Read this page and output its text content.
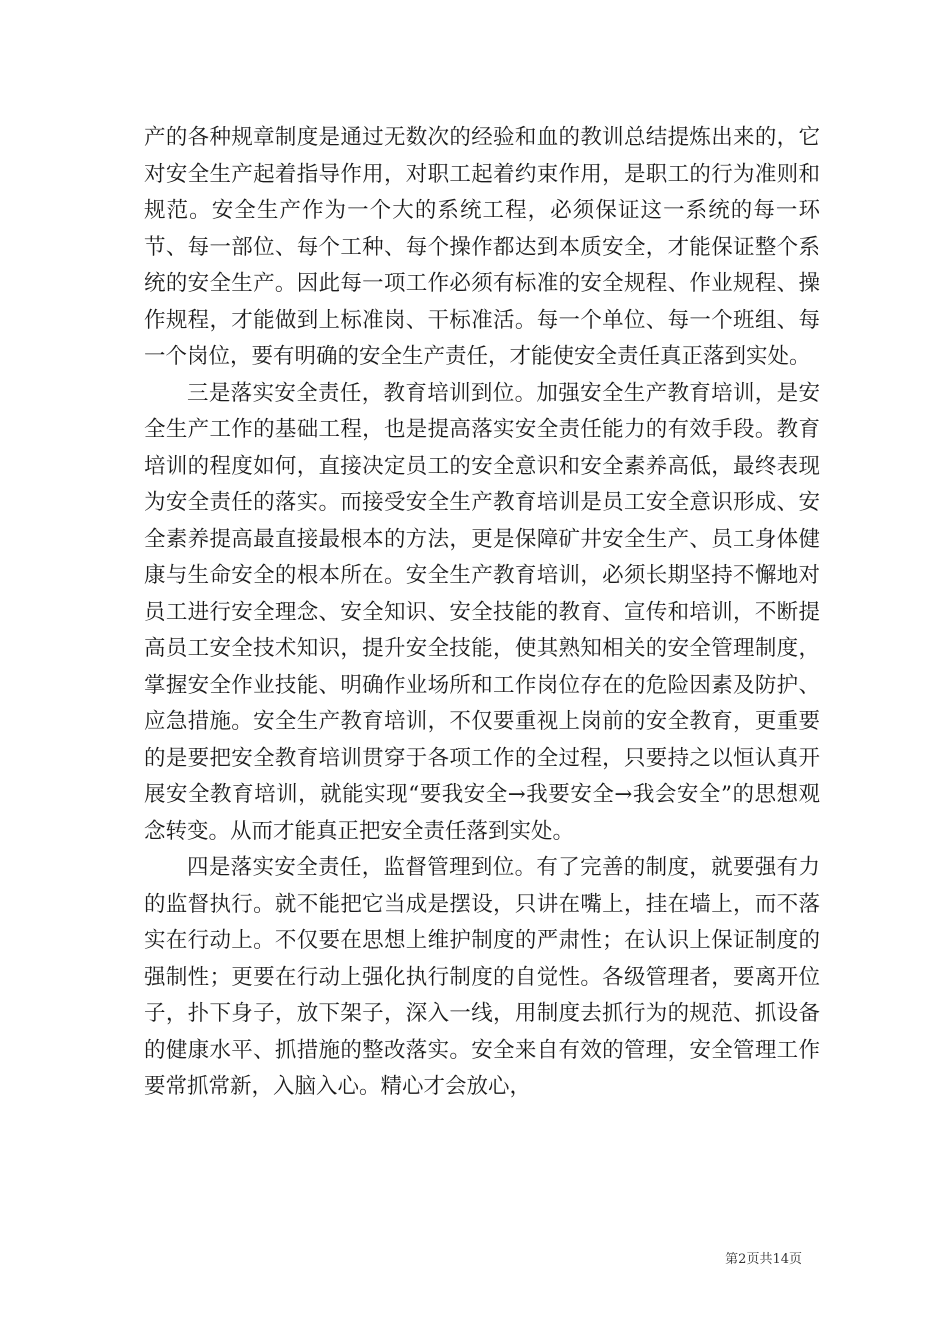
产的各种规章制度是通过无数次的经验和血的教训总结提炼出来的，它对安全生产起着指导作用，对职工起着约束作用，是职工的行为准则和规范。安全生产作为一个大的系统工程，必须保证这一系统的每一环节、每一部位、每个工种、每个操作都达到本质安全，才能保证整个系统的安全生产。因此每一项工作必须有标准的安全规程、作业规程、操作规程，才能做到上标准岗、干标准活。每一个单位、每一个班组、每一个岗位，要有明确的安全生产责任，才能使安全责任真正落到实处。

三是落实安全责任，教育培训到位。加强安全生产教育培训，是安全生产工作的基础工程，也是提高落实安全责任能力的有效手段。教育培训的程度如何，直接决定员工的安全意识和安全素养高低，最终表现为安全责任的落实。而接受安全生产教育培训是员工安全意识形成、安全素养提高最直接最根本的方法，更是保障矿井安全生产、员工身体健康与生命安全的根本所在。安全生产教育培训，必须长期坚持不懈地对员工进行安全理念、安全知识、安全技能的教育、宣传和培训，不断提高员工安全技术知识，提升安全技能，使其熟知相关的安全管理制度，掌握安全作业技能、明确作业场所和工作岗位存在的危险因素及防护、应急措施。安全生产教育培训，不仅要重视上岗前的安全教育，更重要的是要把安全教育培训贯穿于各项工作的全过程，只要持之以恒认真开展安全教育培训，就能实现“要我安全→我要安全→我会安全”的思想观念转变。从而才能真正把安全责任落到实处。

四是落实安全责任，监督管理到位。有了完善的制度，就要强有力的监督执行。就不能把它当成是摆设，只讲在嘴上，挂在墙上，而不落实在行动上。不仅要在思想上维护制度的严肃性；在认识上保证制度的强制性；更要在行动上强化执行制度的自觉性。各级管理者，要离开位子，扑下身子，放下架子，深入一线，用制度去抓行为的规范、抓设备的健康水平、抓措施的整改落实。安全来自有效的管理，安全管理工作要常抓常新，入脑入心。精心才会放心，

第2页共14页
